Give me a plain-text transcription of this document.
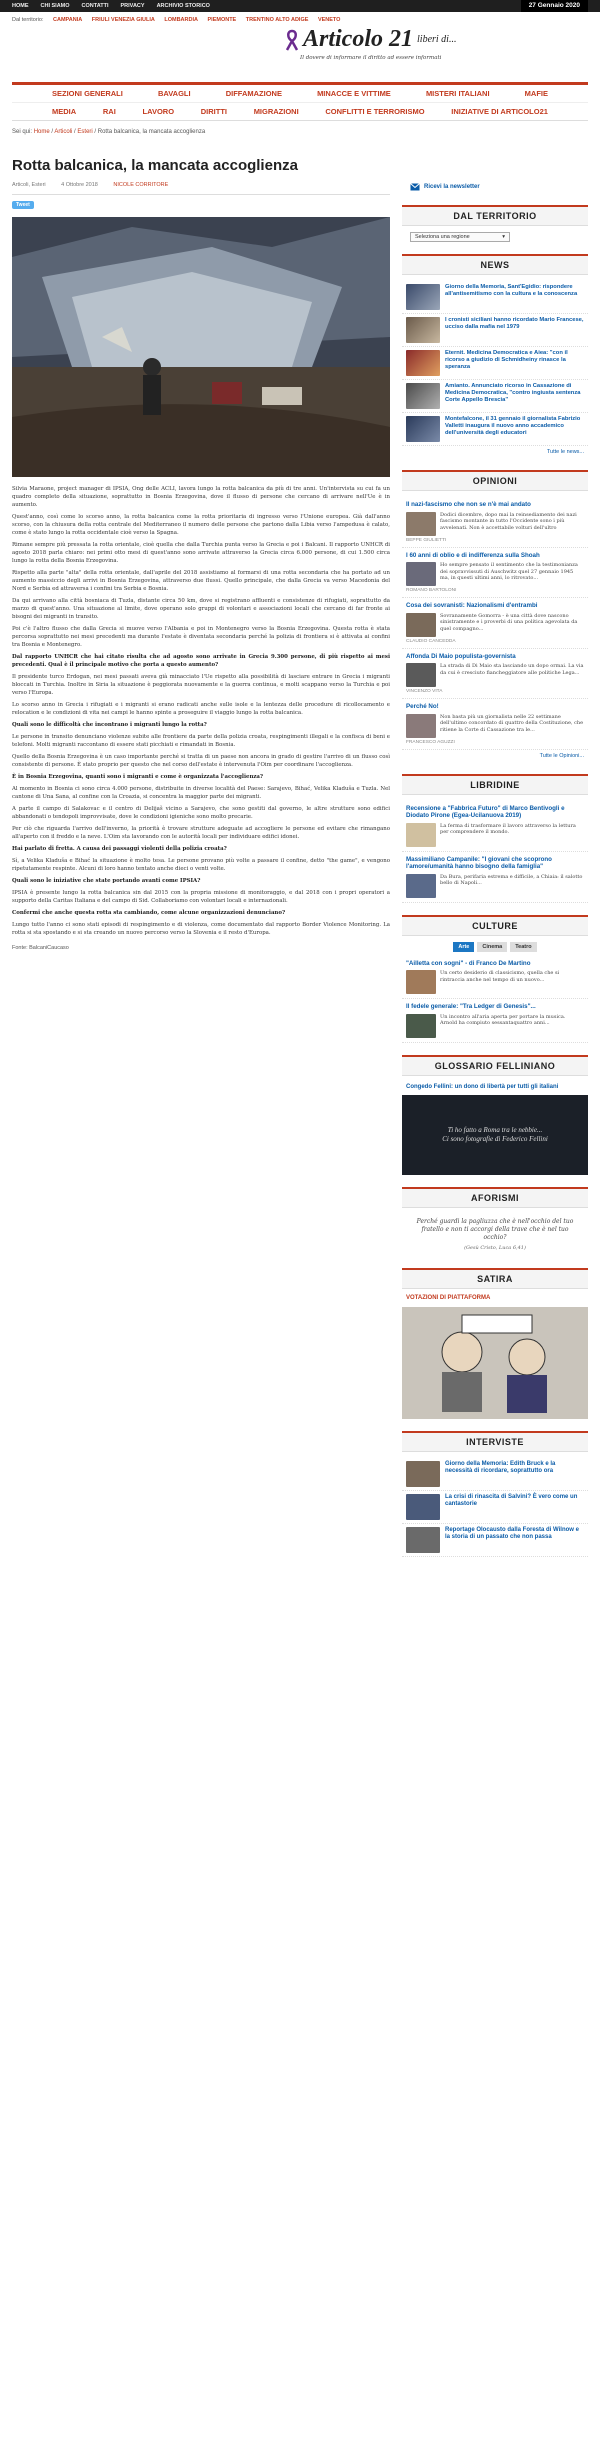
HOME CHI SIAMO CONTATTI PRIVACY ARCHIVIO STORICO	27 Gennaio 2020
Dal territorio: CAMPANIA FRIULI VENEZIA GIULIA LOMBARDIA PIEMONTE TRENTINO ALTO ADIGE VENETO
Articolo 21 liberi di...
Il dovere di informare il diritto ad essere informati
SEZIONI GENERALI	BAVAGLI	DIFFAMAZIONE	MINACCE E VITTIME	MISTERI ITALIANI	MAFIE
MEDIA	RAI	LAVORO	DIRITTI	MIGRAZIONI	CONFLITTI E TERRORISMO	INIZIATIVE DI ARTICOLO21
Sei qui: Home / Articoli / Esteri / Rotta balcanica, la mancata accoglienza
Rotta balcanica, la mancata accoglienza
Articoli, Esteri	4 Ottobre 2018	NICOLE CORRITORE
Tweet

Silvia Maraone, project manager di IPSIA, Ong delle ACLI, lavora lungo la rotta balcanica da più di tre anni. Un'intervista su cui fa un quadro completo della situazione, soprattutto in Bosnia Erzegovina, dove il flusso di persone che cercano di arrivare nell'Ue è in aumento.

Quest'anno, così come lo scorso anno, la rotta balcanica come la rotta prioritaria di ingresso verso l'Unione europea. Già dall'anno scorso, con la chiusura della rotta centrale del Mediterraneo il numero delle persone che partono dalla Libia verso l'ampedusa è calato, come è stato lungo la rotta occidentale cioè verso la Spagna.

Rimane sempre più pressata la rotta orientale, cioè quella che dalla Turchia punta verso la Grecia e poi i Balcani. Il rapporto UNHCR di agosto 2018 parla chiaro: nei primi otto mesi di quest'anno sono arrivate attraverso la Grecia circa 6.000 persone, di cui 1.500 circa lungo la rotta della Bosnia Erzegovina.

Rispetto alla parte "alta" della rotta orientale, dall'aprile del 2018 assistiamo al formarsi di una rotta secondaria che ha portato ad un aumento massiccio degli arrivi in Bosnia Erzegovina, attraverso due flussi. Quello principale, che dalla Grecia va verso Macedonia del Nord e Serbia ed attraversa i confini tra Serbia e Bosnia.

Da qui arrivano alla città bosniaca di Tuzla, distante circa 50 km, dove si registrano affluenti e consistenze di rifugiati, soprattutto da marzo di quest'anno. Una situazione al limite, dove operano solo gruppi di volontari e associazioni locali che cercano di far fronte ai bisogni dei migranti in transito.

Poi c'è l'altro flusso che dalla Grecia si muove verso l'Albania e poi in Montenegro verso la Bosnia Erzegovina. Questa rotta è stata percorsa soprattutto nei mesi precedenti ma durante l'estate è diventata secondaria perché la polizia di frontiera si è attivata ai confini tra Bosnia e Montenegro.

Dal rapporto UNHCR che hai citato risulta che ad agosto sono arrivate in Grecia 9.300 persone, di più rispetto ai mesi precedenti. Qual è il principale motivo che porta a questo aumento?

Il presidente turco Erdogan, nei mesi passati aveva già minacciato l'Ue rispetto alla possibilità di lasciare entrare in Grecia i migranti bloccati in Turchia. Inoltre in Siria la situazione è peggiorata nuovamente e la guerra continua, e molti scappano verso la Turchia e poi verso l'Europa.

Lo scorso anno in Grecia i rifugiati e i migranti si erano radicati anche sulle isole e la lentezza delle procedure di ricollocamento e relocation e le condizioni di vita nei campi le hanno spinte a proseguire il viaggio lungo la rotta balcanica.

Quali sono le difficoltà che incontrano i migranti lungo la rotta?

Le persone in transito denunciano violenze subite alle frontiere da parte della polizia croata, respingimenti illegali e la confisca di beni e telefoni. Molti migranti raccontano di essere stati picchiati e rimandati in Bosnia.

Quello della Bosnia Erzegovina è un caso importante perché si tratta di un paese non ancora in grado di gestire l'arrivo di un flusso così consistente di persone. È stato proprio per questo che nel corso dell'estate è intervenuta l'Oim per coordinare l'accoglienza.

È in Bosnia Erzegovina, quanti sono i migranti e come è organizzata l'accoglienza?

Al momento in Bosnia ci sono circa 4.000 persone, distribuite in diverse località del Paese: Sarajevo, Bihać, Velika Kladuša e Tuzla. Nel cantone di Una Sana, al confine con la Croazia, si concentra la maggior parte dei migranti.

A parte il campo di Salakovac e il centro di Delijaš vicino a Sarajevo, che sono gestiti dal governo, le altre strutture sono edifici abbandonati o tendopoli improvvisate, dove le condizioni igieniche sono molto precarie.

Per ciò che riguarda l'arrivo dell'inverno, la priorità è trovare strutture adeguate ad accogliere le persone ed evitare che rimangano all'aperto con il freddo e la neve. L'Oim sta lavorando con le autorità locali per individuare edifici idonei.

Hai parlato di fretta. A causa dei passaggi violenti della polizia croata?

Sì, a Velika Kladuša e Bihać la situazione è molto tesa. Le persone provano più volte a passare il confine, detto "the game", e vengono ripetutamente respinte. Alcuni di loro hanno tentato anche dieci o venti volte.

Quali sono le iniziative che state portando avanti come IPSIA?

IPSIA è presente lungo la rotta balcanica sin dal 2015 con la propria missione di monitoraggio, e dal 2018 con i propri operatori a supporto della Caritas Italiana e del campo di Sid. Collaboriamo con volontari locali e internazionali.

Confermi che anche questa rotta sta cambiando, come alcune organizzazioni denunciano?

Lungo tutto l'anno ci sono stati episodi di respingimento e di violenza, come documentato dal rapporto Border Violence Monitoring. La rotta si sta spostando e si sta creando un nuovo percorso verso la Slovenia e il resto d'Europa.

Fonte: BalcaniCaucaso
Ricevi la newsletter
DAL TERRITORIO
Seleziona una regione	▾
NEWS
Giorno della Memoria, Sant'Egidio: rispondere all'antisemitismo con la cultura e la conoscenza
I cronisti siciliani hanno ricordato Mario Francese, ucciso dalla mafia nel 1979
Eternit. Medicina Democratica e Aiea: "con il ricorso a giudizio di Schmidheiny rinasce la speranza
Amianto. Annunciato ricorso in Cassazione di Medicina Democratica, "contro ingiusta sentenza Corte Appello Brescia"
Montefalcone, il 31 gennaio il giornalista Fabrizio Valletti inaugura il nuovo anno accademico dell'università degli educatori
Tutte le news...
OPINIONI
Il nazi-fascismo che non se n'è mai andato
Dodici dicembre, dopo mai la reinsediamento dei nazi fascismo montante in tutto l'Occidente sono i più avvelenati. Non è accettabile volturi dell'ultro
BEPPE GIULIETTI
I 60 anni di oblio e di indifferenza sulla Shoah
Ho sempre pensato il sentimento che la testimonianza dei sopravvissuti di Auschwitz quel 27 gennaio 1945 ma, in questi ultimi anni, lo ritrovato...
ROMANO BARTOLONI
Cosa dei sovranisti: Nazionalismi d'entrambi
Sovranamente Gomorra - è una città dove nascono sinistramente e i proverbi di una politica agevolata da quel compagno...
CLAUDIO CANCEDDA
Affonda Di Maio populista-governista
La strada di Di Maio sta lasciando un dopo ormai. La via da cui è cresciuto fiancheggiatore alle politiche Lega...
VINCENZO VITA
Perché No!
Non basta più un giornalista nelle 22 settimane dell'ultimo concordato di quattro della Costituzione, che ritiene la Corte di Cassazione tra le...
FRANCESCO AGUZZI
Tutte le Opinioni...
LIBRIDINE
Recensione a "Fabbrica Futuro" di Marco Bentivogli e Diodato Pirone (Egea-Ucilanuova 2019)
La ferma di trasformare il lavoro attraverso la lettura per comprendere il mondo.
Massimiliano Campanile: "I giovani che scoprono l'amore/umanità hanno bisogno della famiglia"
Da Bura, perifaria estrema e difficile, a Chiaia: il salotto bello di Napoli...
CULTURE
Arte	Cinema	Teatro
"Ailletta con sogni" - di Franco De Martino
Un certo desiderio di classicismo, quella che si rintraccia anche nel tempo di un nuovo...
Il fedele generale: "Tra Ledger di Genesis"...
Un incontro all'aria aperta per portare la musica. Arnold ha compiuto sessantaquattro anni...
GLOSSARIO FELLINIANO
Congedo Fellini: un dono di libertà per tutti gli italiani
Ti ho fatto a Roma tra le nebbie...
Ci sono fotografie di Federico Fellini
AFORISMI
Perché guardi la pagliuzza che è nell'occhio del tuo fratello e non ti accorgi della trave che è nel tuo occhio?
(Gesù Cristo, Luca 6,41)
SATIRA
VOTAZIONI DI PIATTAFORMA
INTERVISTE
Giorno della Memoria: Edith Bruck e la necessità di ricordare, soprattutto ora
La crisi di rinascita di Salvini? È vero come un cantastorie
Reportage Olocausto dalla Foresta di Wilnow e la storia di un passato che non passa
